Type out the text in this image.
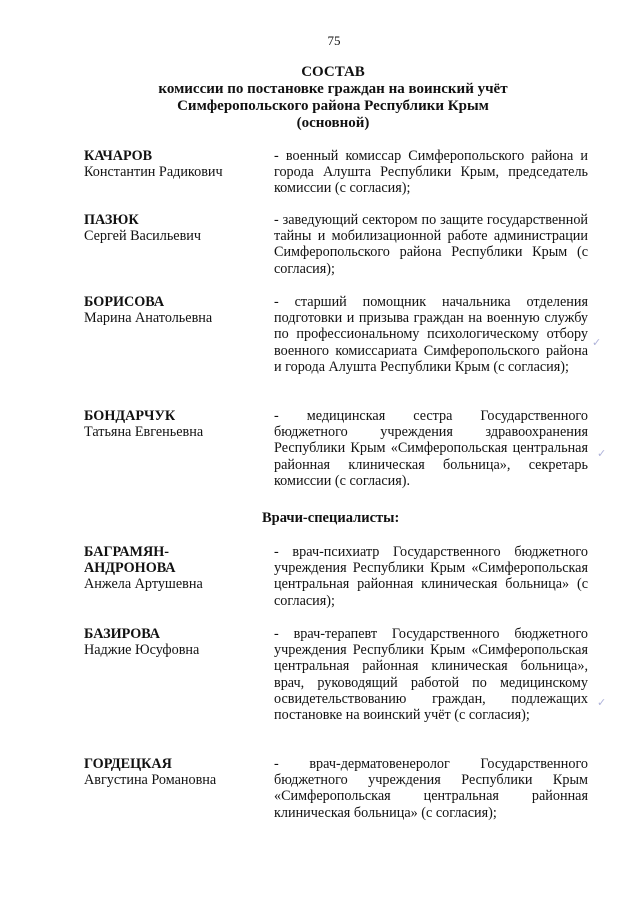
75
СОСТАВ
комиссии по постановке граждан на воинский учёт
Симферопольского района Республики Крым
(основной)
КАЧАРОВ
Константин Радикович
- военный комиссар Симферопольского района и города Алушта Республики Крым, председатель комиссии (с согласия);
ПАЗЮК
Сергей Васильевич
- заведующий сектором по защите государственной тайны и мобилизационной работе администрации Симферопольского района Республики Крым (с согласия);
БОРИСОВА
Марина Анатольевна
- старший помощник начальника отделения подготовки и призыва граждан на военную службу по профессиональному психологическому отбору военного комиссариата Симферопольского района и города Алушта Республики Крым (с согласия);
БОНДАРЧУК
Татьяна Евгеньевна
- медицинская сестра Государственного бюджетного учреждения здравоохранения Республики Крым «Симферопольская центральная районная клиническая больница», секретарь комиссии (с согласия).
Врачи-специалисты:
БАГРАМЯН-АНДРОНОВА
Анжела Артушевна
- врач-психиатр Государственного бюджетного учреждения Республики Крым «Симферопольская центральная районная клиническая больница» (с согласия);
БАЗИРОВА
Наджие Юсуфовна
- врач-терапевт Государственного бюджетного учреждения Республики Крым «Симферопольская центральная районная клиническая больница», врач, руководящий работой по медицинскому освидетельствованию граждан, подлежащих постановке на воинский учёт (с согласия);
ГОРДЕЦКАЯ
Августина Романовна
- врач-дерматовенеролог Государственного бюджетного учреждения Республики Крым «Симферопольская центральная районная клиническая больница» (с согласия);
✓
✓
✓
